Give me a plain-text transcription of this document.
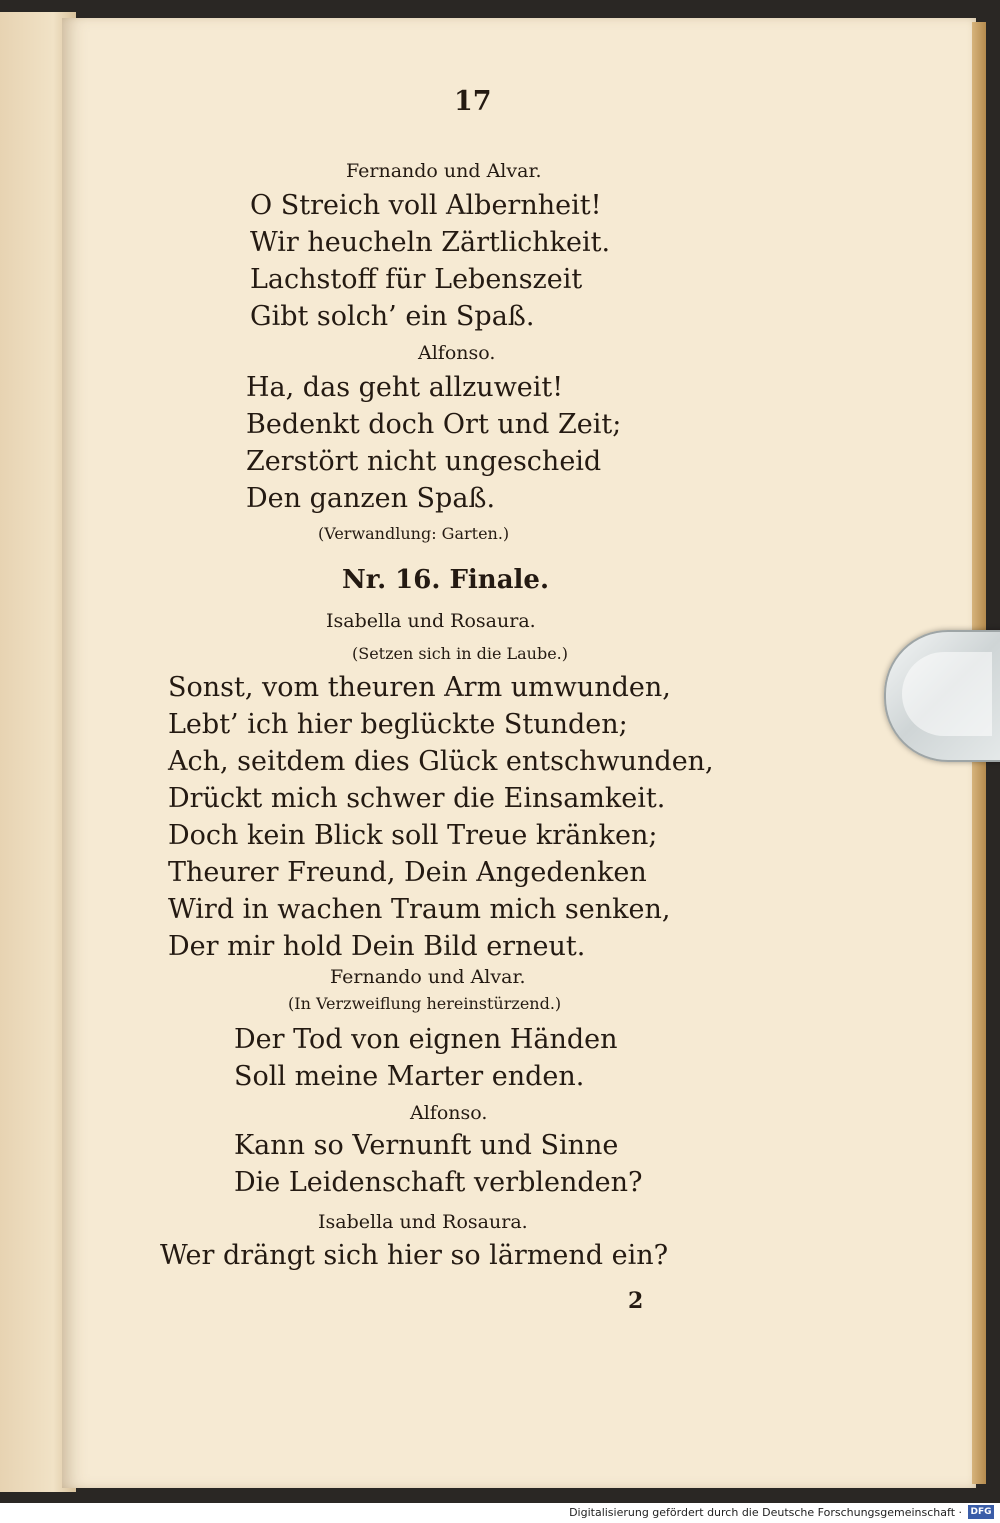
17
Fernando und Alvar.
O Streich voll Albernheit!
Wir heucheln Zärtlichkeit.
Lachstoff für Lebenszeit
Gibt solch’ ein Spaß.
Alfonso.
Ha, das geht allzuweit!
Bedenkt doch Ort und Zeit;
Zerstört nicht ungescheid
Den ganzen Spaß.
(Verwandlung: Garten.)
Nr. 16. Finale.
Isabella und Rosaura.
(Setzen sich in die Laube.)
Sonst, vom theuren Arm umwunden,
Lebt’ ich hier beglückte Stunden;
Ach, seitdem dies Glück entschwunden,
Drückt mich schwer die Einsamkeit.
Doch kein Blick soll Treue kränken;
Theurer Freund, Dein Angedenken
Wird in wachen Traum mich senken,
Der mir hold Dein Bild erneut.
Fernando und Alvar.
(In Verzweiflung hereinstürzend.)
Der Tod von eignen Händen
Soll meine Marter enden.
Alfonso.
Kann so Vernunft und Sinne
Die Leidenschaft verblenden?
Isabella und Rosaura.
Wer drängt sich hier so lärmend ein?
2
Digitalisierung gefördert durch die Deutsche Forschungsgemeinschaft · DFG
